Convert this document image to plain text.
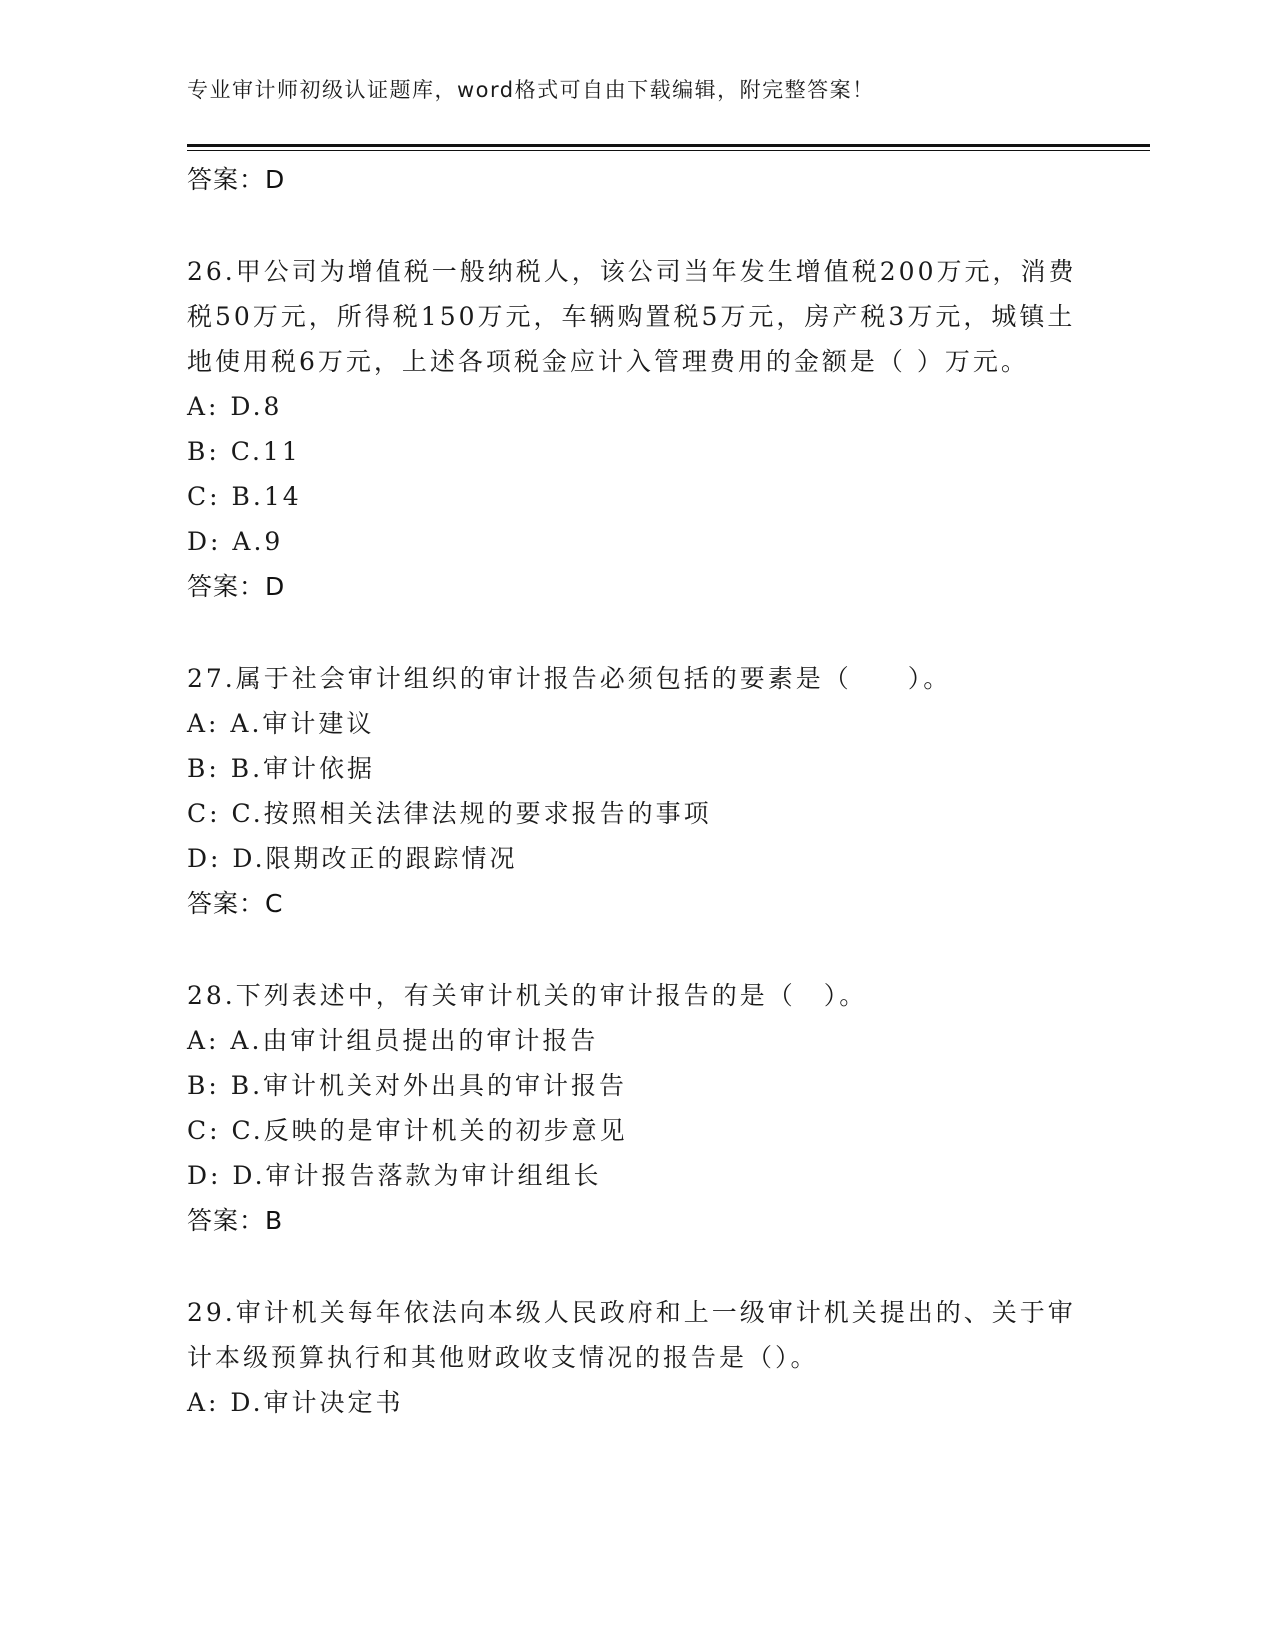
专业审计师初级认证题库，word格式可自由下载编辑，附完整答案！
答案：D

26.甲公司为增值税一般纳税人，该公司当年发生增值税200万元，消费税50万元，所得税150万元，车辆购置税5万元，房产税3万元，城镇土地使用税6万元，上述各项税金应计入管理费用的金额是（ ）万元。

A: D.8
B: C.11
C: B.14
D: A.9
答案：D

27.属于社会审计组织的审计报告必须包括的要素是（　　）。

A: A.审计建议
B: B.审计依据
C: C.按照相关法律法规的要求报告的事项
D: D.限期改正的跟踪情况
答案：C

28.下列表述中，有关审计机关的审计报告的是（　）。

A: A.由审计组员提出的审计报告
B: B.审计机关对外出具的审计报告
C: C.反映的是审计机关的初步意见
D: D.审计报告落款为审计组组长
答案：B

29.审计机关每年依法向本级人民政府和上一级审计机关提出的、关于审计本级预算执行和其他财政收支情况的报告是（）。

A: D.审计决定书
